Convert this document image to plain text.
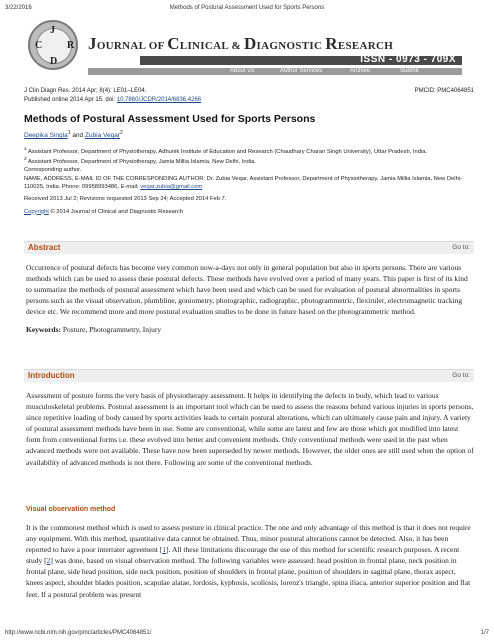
3/22/2016	Methods of Postural Assessment Used for Sports Persons
J
C
D
R JOURNAL OF CLINICAL & DIAGNOSTIC RESEARCH
ISSN - 0973 - 709X
About Us	Author Services	Archive	Submit
J Clin Diagn Res. 2014 Apr; 8(4): LE01–LE04.
Published online 2014 Apr 15. doi: 10.7860/JCDR/2014/6836.4266
PMCID: PMC4064851
Methods of Postural Assessment Used for Sports Persons
Deepika Singla$^1$ and Zubia Veqar$^2$

$^1$ Assistant Professor, Department of Physiotherapy, Adhunik Institute of Education and Research (Chaudhary Charan Singh University), Uttar Pradesh, India.

$^2$ Assistant Professor, Department of Physiotherapy, Jamia Millia Islamia, New Delhi, India.

Corresponding author.

NAME, ADDRESS, E-MAIL ID OF THE CORRESPONDING AUTHOR: Dr. Zubia Veqar, Assistant Professor, Department of Physiotherapy, Jamia Millia Islamia, New Delhi-110025, India. Phone: 09958993486, E-mail: veqar.zubia@gmail.com

Received 2013 Jul 2; Revisions requested 2013 Sep 24; Accepted 2014 Feb 7.

Copyright © 2014 Journal of Clinical and Diagnostic Research

Abstract	Go to:

Occurrence of postural defects has become very common now-a-days not only in general population but also in sports persons. There are various methods which can be used to assess these postural defects. These methods have evolved over a period of many years. This paper is first of its kind to summarize the methods of postural assessment which have been used and which can be used for evaluation of postural abnormalities in sports persons such as the visual observation, plumbline, goniometry, photographic, radiographic, photogrammetric, flexiruler, electromagnetic tracking device etc. We recommend more and more postural evaluation studies to be done in future based on the photogrammetric method.

Keywords: Posture, Photogrammetry, Injury

Introduction	Go to:

Assessment of posture forms the very basis of physiotherapy assessment. It helps in identifying the defects in body, which lead to various musculoskeletal problems. Postural assessment is an important tool which can be used to assess the reasons behind various injuries in sports persons, since repetitive loading of body caused by sports activities leads to certain postural alterations, which can ultimately cause pain and injury. A variety of postural assessment methods have been in use. Some are conventional, while some are latest and few are those which got modified into latest form from conventional forms i.e. these evolved into better and convenient methods. Only conventional methods were used in the past when advanced methods were not available. These have now been superseded by newer methods. However, the older ones are still used when the option of availability of advanced methods is not there. Following are some of the conventional methods.

Visual observation method

It is the commonest method which is used to assess posture in clinical practice. The one and only advantage of this method is that it does not require any equipment. With this method, quantitative data cannot be obtained. Thus, minor postural alterations cannot be detected. Also, it has been reported to have a poor interrater agreement [1]. All these limitations discourage the use of this method for scientific research purposes. A recent study [2] was done, based on visual observation method. The following variables were assessed: head position in frontal plane, neck position in frontal plane, side head position, side neck position, position of shoulders in frontal plane, position of shoulders in sagittal plane, thorax aspect, knees aspect, shoulder blades position, scapulae alatae, lordosis, kyphosis, scoliosis, lorenz's triangle, spina iliaca, anterior superior position and flat feet. If a postural problem was present

http://www.ncbi.nlm.nih.gov/pmc/articles/PMC4064851/	1/7
